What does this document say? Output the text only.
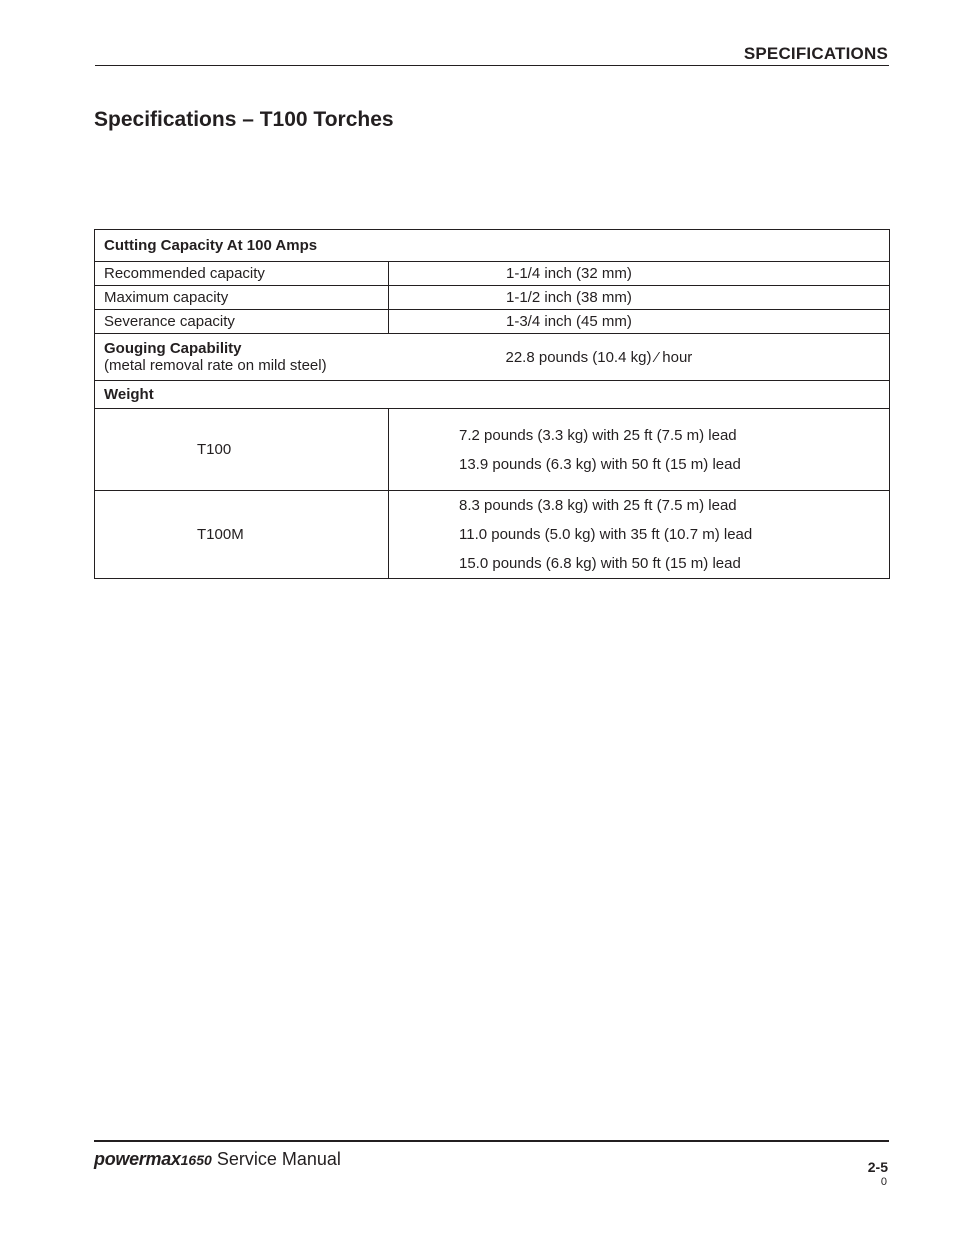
SPECIFICATIONS
Specifications – T100 Torches
Cutting Capacity At 100 Amps	
Recommended capacity	1-1/4 inch (32 mm)
Maximum capacity	1-1/2 inch (38 mm)
Severance capacity	1-3/4 inch (45 mm)

Gouging Capability
(metal removal rate on mild steel)	22.8 pounds (10.4 kg) ⁄ hour
Weight	
T100	7.2 pounds (3.3 kg) with 25 ft (7.5 m) lead
13.9 pounds (6.3 kg) with 50 ft (15 m) lead

T100M	8.3 pounds (3.8 kg) with 25 ft (7.5 m) lead
11.0 pounds (5.0 kg) with 35 ft (10.7 m) lead
15.0 pounds (6.8 kg) with 50 ft (15 m) lead
powermax1650 Service Manual	2-5
0
